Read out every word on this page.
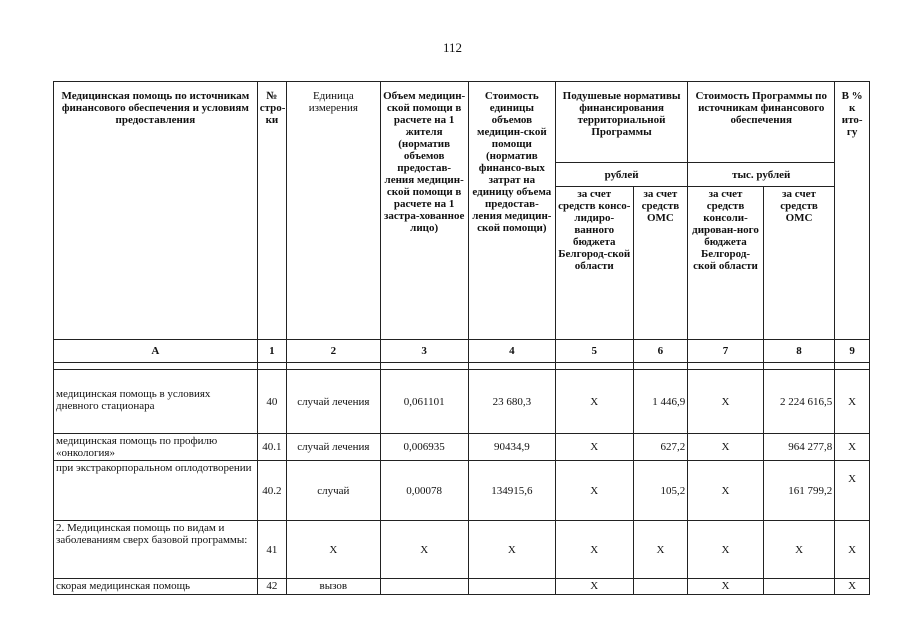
112
Медицинская помощь по источникам финансового обеспечения и условиям предоставления	№ стро-ки	Единица измерения	Объем медицин-ской помощи в расчете на 1 жителя (норматив объемов предостав-ления медицин-ской помощи в расчете на 1 застра-хованное лицо)	Стоимость единицы объемов медицин-ской помощи (норматив финансо-вых затрат на единицу объема предостав-ления медицин-ской помощи)	Подушевые нормативы финансирования территориальной Программы		Стоимость Программы по источникам финансового обеспечения		В % к ито-гу
					рублей		тыс. рублей		
					за счет средств консо-лидиро-ванного бюджета Белгород-ской области	за счет средств ОМС	за счет средств консоли-дирован-ного бюджета Белгород-ской области	за счет средств ОМС	
А	1	2	3	4	5	6	7	8	9

медицинская помощь в условиях дневного стационара	40	случай лечения	0,061101	23 680,3	Х	1 446,9	Х	2 224 616,5	Х
медицинская помощь по профилю «онкология»	40.1	случай лечения	0,006935	90434,9	Х	627,2	Х	964 277,8	Х
при экстракорпоральном оплодотворении	40.2	случай	0,00078	134915,6	Х	105,2	Х	161 799,2	Х
2. Медицинская помощь по видам и заболеваниям сверх базовой программы:	41	Х	Х	Х	Х	Х	Х	Х	Х
скорая медицинская помощь	42	вызов			Х		Х		Х
